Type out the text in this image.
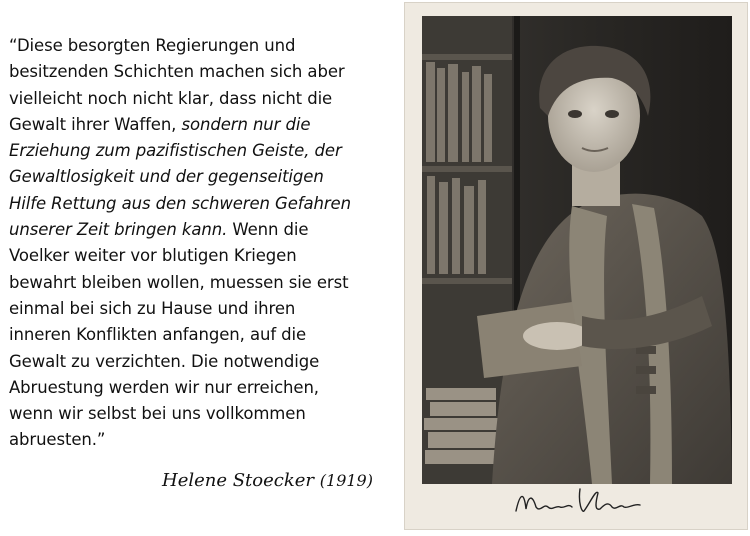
“Diese besorgten Regierungen und
besitzenden Schichten machen sich aber
vielleicht noch nicht klar, dass nicht die
Gewalt ihrer Waffen, sondern nur die
Erziehung zum pazifistischen Geiste, der
Gewaltlosigkeit und der gegenseitigen
Hilfe Rettung aus den schweren Gefahren
unserer Zeit bringen kann. Wenn die
Voelker weiter vor blutigen Kriegen
bewahrt bleiben wollen, muessen sie erst
einmal bei sich zu Hause und ihren
inneren Konflikten anfangen, auf die
Gewalt zu verzichten. Die notwendige
Abruestung werden wir nur erreichen,
wenn wir selbst bei uns vollkommen
abruesten.”
Helene Stoecker (1919)
